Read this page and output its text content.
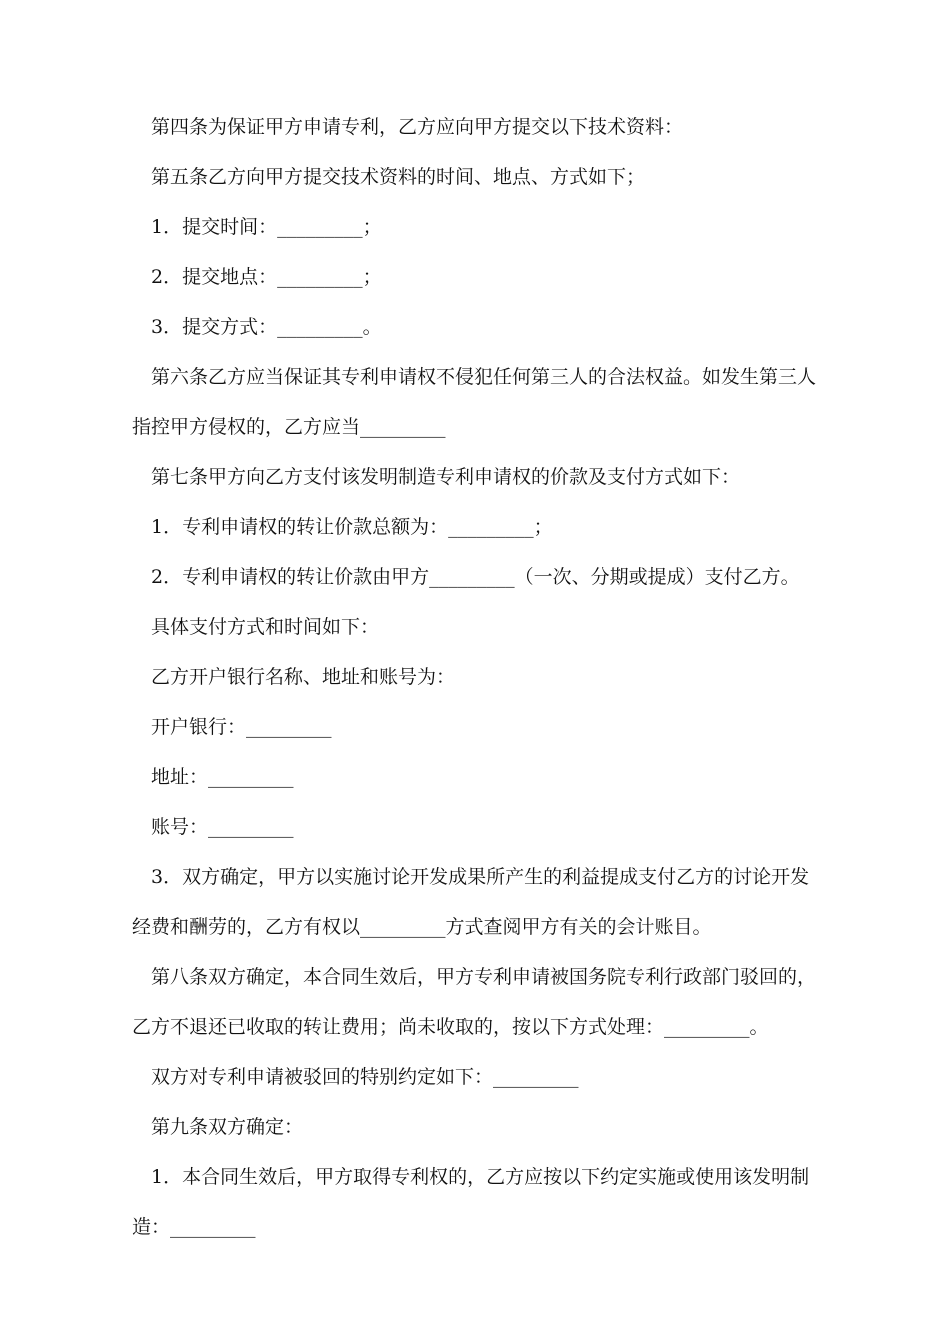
第四条为保证甲方申请专利，乙方应向甲方提交以下技术资料：

第五条乙方向甲方提交技术资料的时间、地点、方式如下；

1．提交时间：_________；

2．提交地点：_________；

3．提交方式：_________。

第六条乙方应当保证其专利申请权不侵犯任何第三人的合法权益。如发生第三人指控甲方侵权的，乙方应当_________

第七条甲方向乙方支付该发明制造专利申请权的价款及支付方式如下：

1．专利申请权的转让价款总额为：_________；

2．专利申请权的转让价款由甲方_________（一次、分期或提成）支付乙方。

具体支付方式和时间如下：

乙方开户银行名称、地址和账号为：

开户银行：_________

地址：_________

账号：_________

3．双方确定，甲方以实施讨论开发成果所产生的利益提成支付乙方的讨论开发经费和酬劳的，乙方有权以_________方式查阅甲方有关的会计账目。

第八条双方确定，本合同生效后，甲方专利申请被国务院专利行政部门驳回的，乙方不退还已收取的转让费用；尚未收取的，按以下方式处理：_________。

双方对专利申请被驳回的特别约定如下：_________

第九条双方确定：

1．本合同生效后，甲方取得专利权的，乙方应按以下约定实施或使用该发明制造：_________
